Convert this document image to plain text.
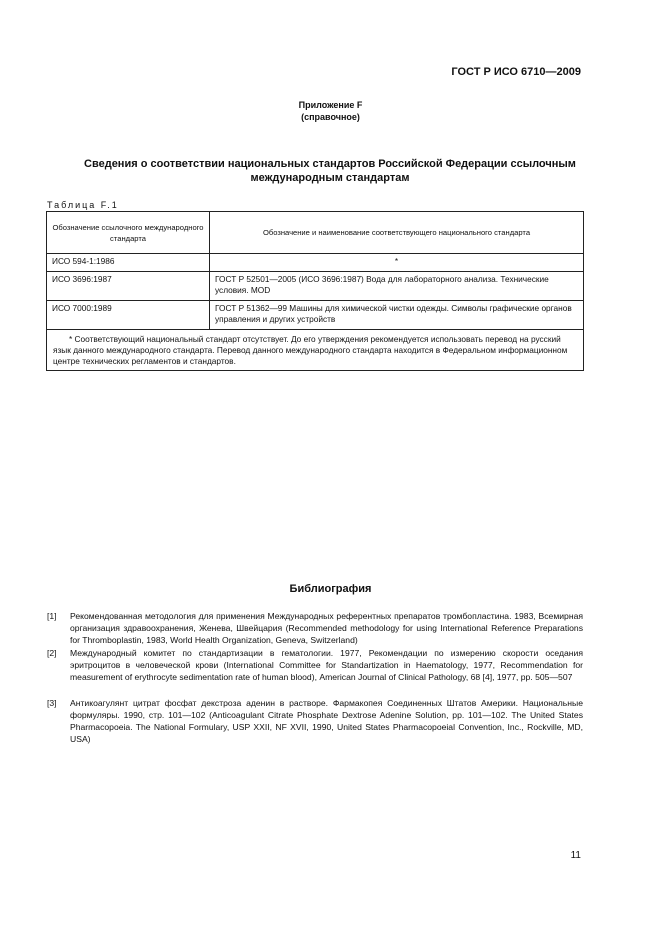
ГОСТ Р ИСО 6710—2009
Приложение F
(справочное)
Сведения о соответствии национальных стандартов Российской Федерации ссылочным международным стандартам
Таблица F.1
Обозначение ссылочного международного стандарта	Обозначение и наименование соответствующего национального стандарта
ИСО 594-1:1986	*
ИСО 3696:1987	ГОСТ Р 52501—2005 (ИСО 3696:1987) Вода для лабораторного анализа. Технические условия. MOD
ИСО 7000:1989	ГОСТ Р 51362—99 Машины для химической чистки одежды. Символы графические органов управления и других устройств
* Соответствующий национальный стандарт отсутствует. До его утверждения рекомендуется использовать перевод на русский язык данного международного стандарта. Перевод данного международного стандарта находится в Федеральном информационном центре технических регламентов и стандартов.	
Библиография
[1] Рекомендованная методология для применения Международных референтных препаратов тромбопластина. 1983, Всемирная организация здравоохранения, Женева, Швейцария (Recommended methodology for using International Reference Preparations for Thromboplastin, 1983, World Health Organization, Geneva, Switzerland)
[2] Международный комитет по стандартизации в гематологии. 1977, Рекомендации по измерению скорости оседания эритроцитов в человеческой крови (International Committee for Standartization in Haematology, 1977, Recommendation for measurement of erythrocyte sedimentation rate of human blood), American Journal of Clinical Pathology, 68 [4], 1977, pp. 505—507
[3] Антикоагулянт цитрат фосфат декстроза аденин в растворе. Фармакопея Соединенных Штатов Америки. Национальные формуляры. 1990, стр. 101—102 (Anticoagulant Citrate Phosphate Dextrose Adenine Solution, pp. 101—102. The United States Pharmacopoeia. The National Formulary, USP XXII, NF XVII, 1990, United States Pharmacopoeial Convention, Inc., Rockville, MD, USA)
11
